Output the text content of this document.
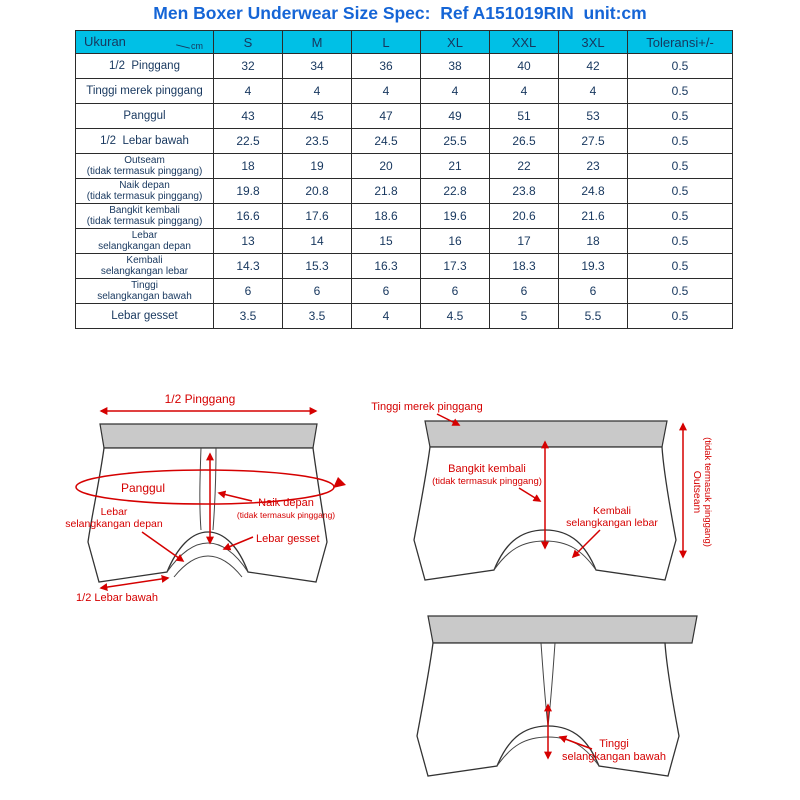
Men Boxer Underwear Size Spec:  Ref A151019RIN  unit:cm
Ukuran cm	S	M	L	XL	XXL	3XL	Toleransi+/-

1/2  Pinggang	32	34	36	38	40	42	0.5

Tinggi merek pinggang	4	4	4	4	4	4	0.5

Panggul	43	45	47	49	51	53	0.5

1/2  Lebar bawah	22.5	23.5	24.5	25.5	26.5	27.5	0.5

Outseam
(tidak termasuk pinggang)	18	19	20	21	22	23	0.5

Naik depan
(tidak termasuk pinggang)	19.8	20.8	21.8	22.8	23.8	24.8	0.5

Bangkit kembali
(tidak termasuk pinggang)	16.6	17.6	18.6	19.6	20.6	21.6	0.5

Lebar
selangkangan depan	13	14	15	16	17	18	0.5

Kembali
selangkangan lebar	14.3	15.3	16.3	17.3	18.3	19.3	0.5

Tinggi
selangkangan bawah	6	6	6	6	6	6	0.5

Lebar gesset	3.5	3.5	4	4.5	5	5.5	0.5
1/2 Pinggang
Panggul
Naik depan
(tidak termasuk pinggang)
Lebar
selangkangan depan
Lebar gesset
1/2 Lebar bawah
Tinggi merek pinggang
Bangkit kembali
(tidak termasuk pinggang)
Kembali
selangkangan lebar
Outseam (tidak termasuk pinggang)
Tinggi
selangkangan bawah
